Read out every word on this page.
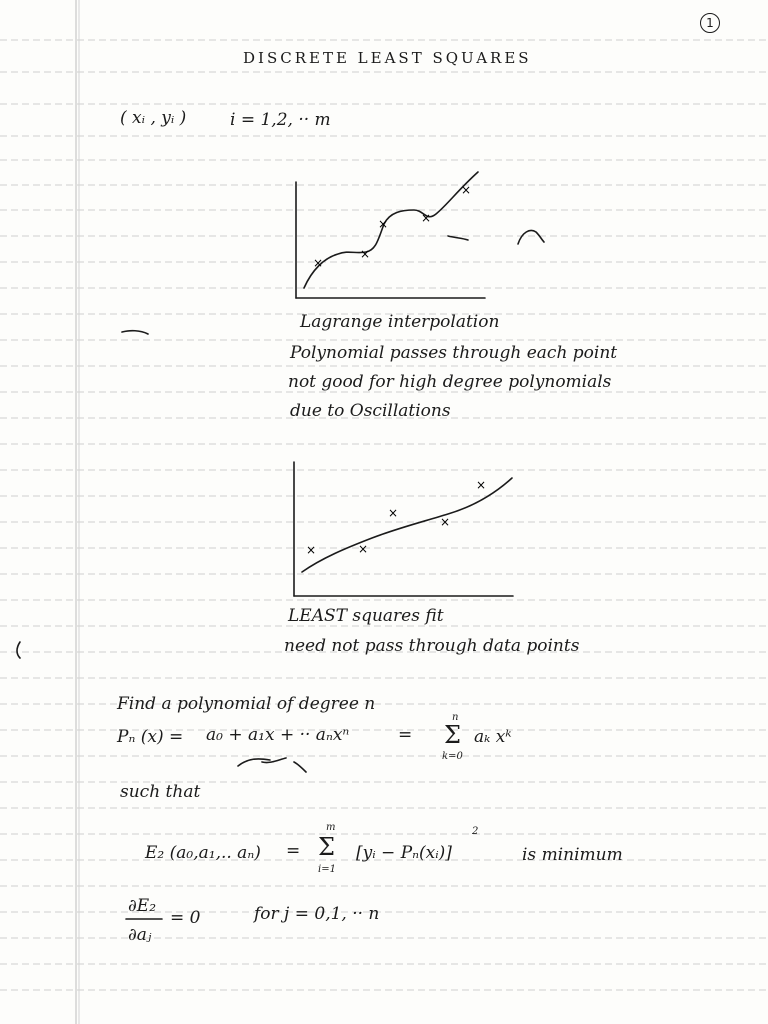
1
DISCRETE LEAST SQUARES
( xᵢ , yᵢ )	i = 1,2, ·· m
×
×
×	×
×
Lagrange interpolation
Polynomial passes through each point
not good for high degree polynomials
due to Oscillations
×	×
×
×
×
LEAST squares fit
need not pass through data points
Find a polynomial of degree n
Pₙ (x) = a₀ + a₁x + ·· aₙxⁿ	=
n
Σ
k=0
aₖ xᵏ
such that
E₂ (a₀,a₁,.. aₙ) =
m
Σ
i=1
[yᵢ − Pₙ(xᵢ)]
2
is minimum
∂E₂
∂aⱼ
= 0	for j = 0,1, ·· n
